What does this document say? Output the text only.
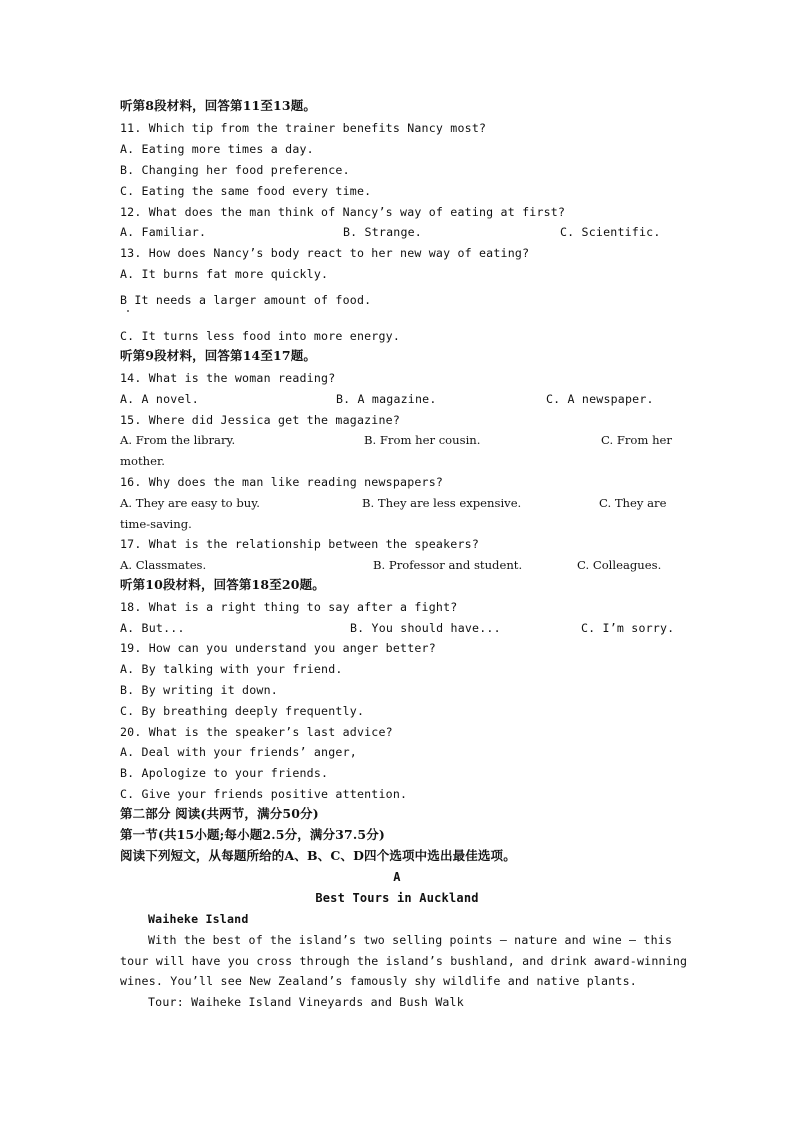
听第8段材料，回答第11至13题。
11. Which tip from the trainer benefits Nancy most?
A. Eating more times a day.
B. Changing her food preference.
C. Eating the same food every time.
12. What does the man think of Nancy’s way of eating at first?
A. Familiar.	B. Strange.	C. Scientific.
13. How does Nancy’s body react to her new way of eating?
A. It burns fat more quickly.
B It needs a larger amount of food.
C. It turns less food into more energy.
听第9段材料，回答第14至17题。
14. What is the woman reading?
A. A novel.	B. A magazine.	C. A newspaper.
15. Where did Jessica get the magazine?
A. From the library.	B. From her cousin.	C. From her
mother.
16. Why does the man like reading newspapers?
A. They are easy to buy.	B. They are less expensive.	C. They are
time-saving.
17. What is the relationship between the speakers?
A. Classmates.	B. Professor and student.	C. Colleagues.
听第10段材料，回答第18至20题。
18. What is a right thing to say after a fight?
A. But...	B. You should have...	C. I’m sorry.
19. How can you understand you anger better?
A. By talking with your friend.
B. By writing it down.
C. By breathing deeply frequently.
20. What is the speaker’s last advice?
A. Deal with your friends’ anger,
B. Apologize to your friends.
C. Give your friends positive attention.
第二部分 阅读(共两节，满分50分)
第一节(共15小题;每小题2.5分，满分37.5分)
阅读下列短文，从每题所给的A、B、C、D四个选项中选出最佳选项。
A
Best Tours in Auckland
Waiheke Island
With the best of the island’s two selling points — nature and wine — this
tour will have you cross through the island’s bushland, and drink award-winning
wines. You’ll see New Zealand’s famously shy wildlife and native plants.
Tour: Waiheke Island Vineyards and Bush Walk
